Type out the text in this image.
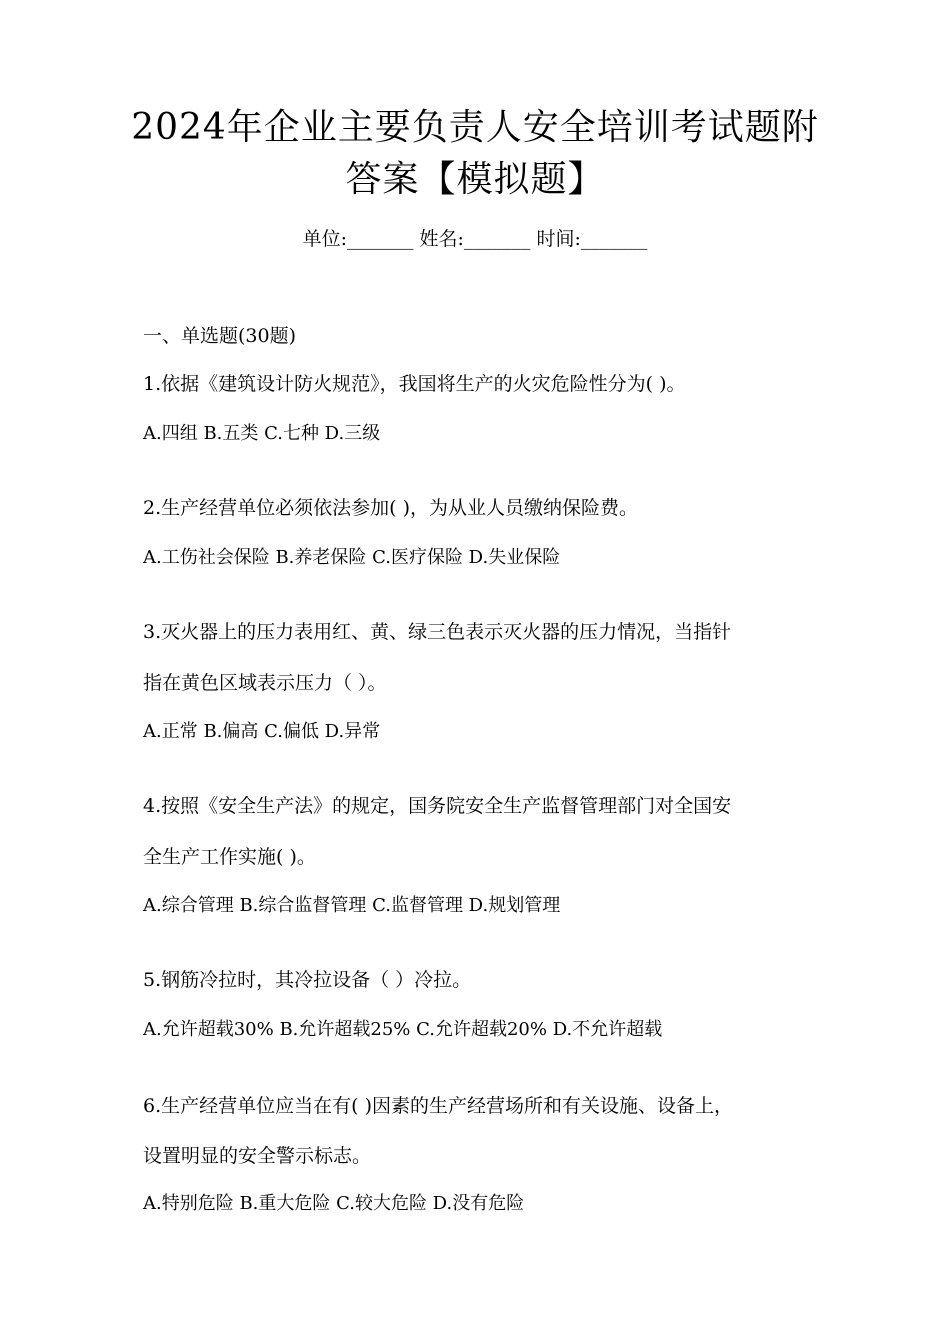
2024年企业主要负责人安全培训考试题附
答案【模拟题】
单位:_______ 姓名:_______ 时间:_______
一、单选题(30题)
1.依据《建筑设计防火规范》，我国将生产的火灾危险性分为( )。
A.四组 B.五类 C.七种 D.三级
2.生产经营单位必须依法参加( )，为从业人员缴纳保险费。
A.工伤社会保险 B.养老保险 C.医疗保险 D.失业保险
3.灭火器上的压力表用红、黄、绿三色表示灭火器的压力情况，当指针
指在黄色区域表示压力（ ）。
A.正常 B.偏高 C.偏低 D.异常
4.按照《安全生产法》的规定，国务院安全生产监督管理部门对全国安
全生产工作实施( )。
A.综合管理 B.综合监督管理 C.监督管理 D.规划管理
5.钢筋冷拉时，其冷拉设备（ ）冷拉。
A.允许超载30% B.允许超载25% C.允许超载20% D.不允许超载
6.生产经营单位应当在有( )因素的生产经营场所和有关设施、设备上，
设置明显的安全警示标志。
A.特别危险 B.重大危险 C.较大危险 D.没有危险
